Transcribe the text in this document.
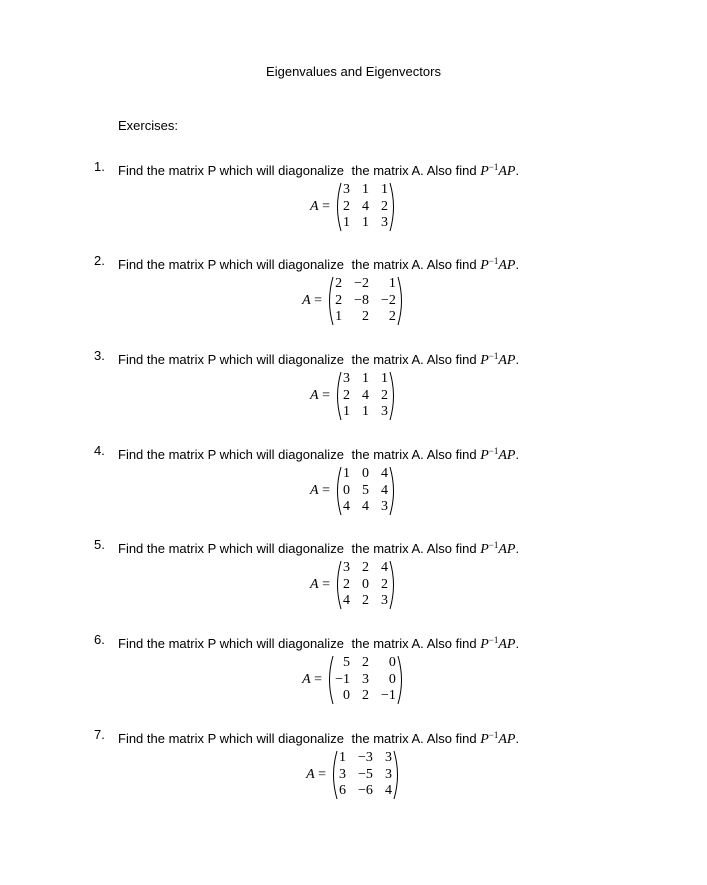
Eigenvalues and Eigenvectors
Exercises:
1. Find the matrix P which will diagonalize the matrix A. Also find $P^{-1}AP$.
A =
3 1 1
2 4 2
1 1 3
2. Find the matrix P which will diagonalize the matrix A. Also find $P^{-1}AP$.
A =
2 −2	1
2 −8 −2
1	2	2
3. Find the matrix P which will diagonalize the matrix A. Also find $P^{-1}AP$.
A =
3 1 1
2 4 2
1 1 3
4. Find the matrix P which will diagonalize the matrix A. Also find $P^{-1}AP$.
A =
1 0 4
0 5 4
4 4 3
5. Find the matrix P which will diagonalize the matrix A. Also find $P^{-1}AP$.
A =
3 2 4
2 0 2
4 2 3
6. Find the matrix P which will diagonalize the matrix A. Also find $P^{-1}AP$.
A =
5 2	0
−1 3	0
0 2 −1
7. Find the matrix P which will diagonalize the matrix A. Also find $P^{-1}AP$.
A =
1 −3 3
3 −5 3
6 −6 4
